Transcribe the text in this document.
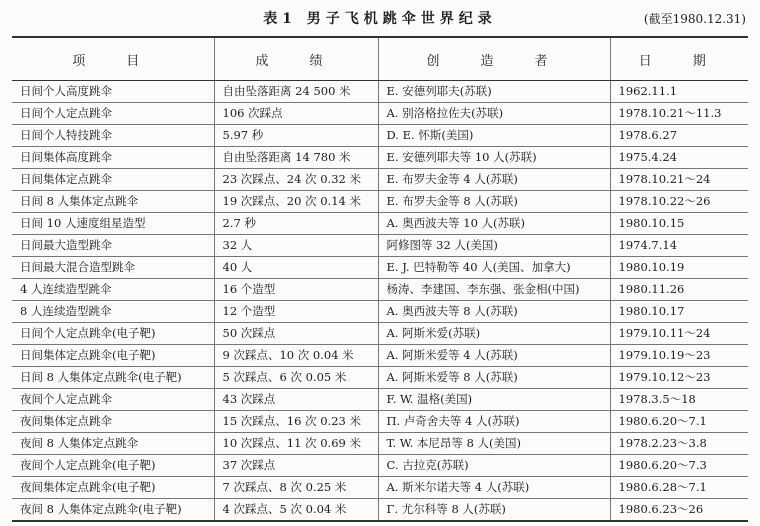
表1 男子飞机跳伞世界纪录	(截至1980.12.31)
项　目	成　绩	创　造　者	日　期
日间个人高度跳伞	自由坠落距离 24 500 米	E. 安德列耶夫(苏联)	1962.11.1
日间个人定点跳伞	106 次踩点	A. 别洛格拉佐夫(苏联)	1978.10.21～11.3
日间个人特技跳伞	5.97 秒	D. E. 怀斯(美国)	1978.6.27
日间集体高度跳伞	自由坠落距离 14 780 米	E. 安德列耶夫等 10 人(苏联)	1975.4.24
日间集体定点跳伞	23 次踩点、24 次 0.32 米	E. 布罗夫金等 4 人(苏联)	1978.10.21～24
日间 8 人集体定点跳伞	19 次踩点、20 次 0.14 米	E. 布罗夫金等 8 人(苏联)	1978.10.22～26
日间 10 人速度组星造型	2.7 秒	A. 奥西波夫等 10 人(苏联)	1980.10.15
日间最大造型跳伞	32 人	阿修图等 32 人(美国)	1974.7.14
日间最大混合造型跳伞	40 人	E. J. 巴特勒等 40 人(美国、加拿大)	1980.10.19
4 人连续造型跳伞	16 个造型	杨涛、李建国、李东强、张金相(中国)	1980.11.26
8 人连续造型跳伞	12 个造型	A. 奥西波夫等 8 人(苏联)	1980.10.17
日间个人定点跳伞(电子靶)	50 次踩点	A. 阿斯米爱(苏联)	1979.10.11～24
日间集体定点跳伞(电子靶)	9 次踩点、10 次 0.04 米	A. 阿斯米爱等 4 人(苏联)	1979.10.19～23
日间 8 人集体定点跳伞(电子靶)	5 次踩点、6 次 0.05 米	A. 阿斯米爱等 8 人(苏联)	1979.10.12～23
夜间个人定点跳伞	43 次踩点	F. W. 温格(美国)	1978.3.5～18
夜间集体定点跳伞	15 次踩点、16 次 0.23 米	Π. 卢奇舍夫等 4 人(苏联)	1980.6.20～7.1
夜间 8 人集体定点跳伞	10 次踩点、11 次 0.69 米	T. W. 本尼昂等 8 人(美国)	1978.2.23～3.8
夜间个人定点跳伞(电子靶)	37 次踩点	C. 古拉克(苏联)	1980.6.20～7.3
夜间集体定点跳伞(电子靶)	7 次踩点、8 次 0.25 米	A. 斯米尔诺夫等 4 人(苏联)	1980.6.28～7.1
夜间 8 人集体定点跳伞(电子靶)	4 次踩点、5 次 0.04 米	Γ. 尤尔科等 8 人(苏联)	1980.6.23～26
